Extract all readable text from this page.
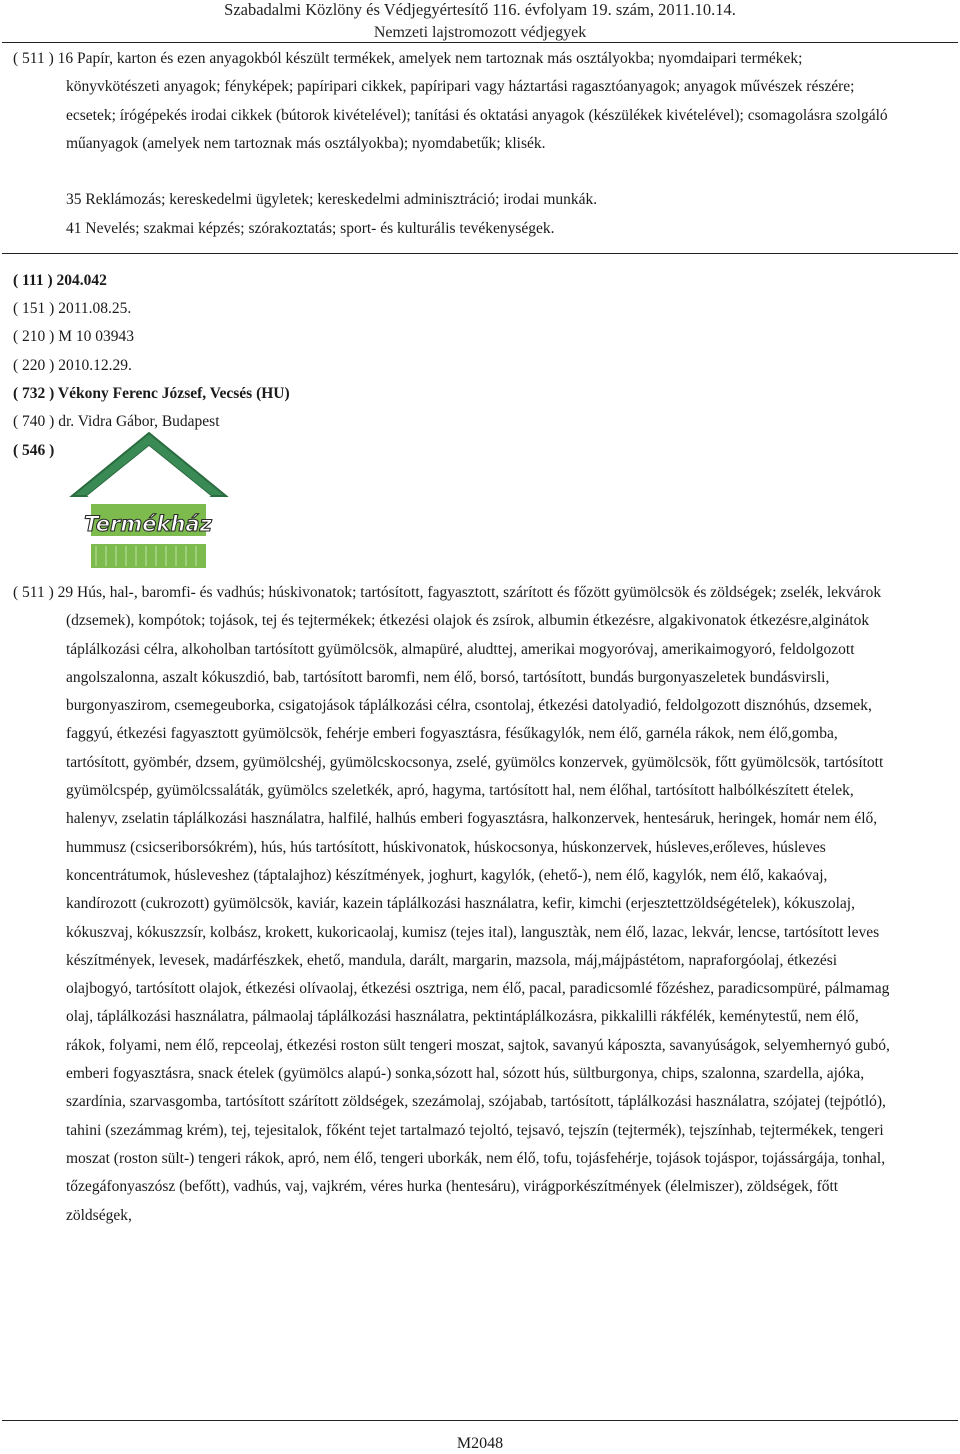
Szabadalmi Közlöny és Védjegyértesítő 116. évfolyam 19. szám, 2011.10.14.
Nemzeti lajstromozott védjegyek
( 511 ) 16 Papír, karton és ezen anyagokból készült termékek, amelyek nem tartoznak más osztályokba; nyomdaipari termékek; könyvkötészeti anyagok; fényképek; papíripari cikkek, papíripari vagy háztartási ragasztóanyagok; anyagok művészek részére; ecsetek; írógépekés irodai cikkek (bútorok kivételével); tanítási és oktatási anyagok (készülékek kivételével); csomagolásra szolgáló műanyagok (amelyek nem tartoznak más osztályokba); nyomdabetűk; klisék.
35 Reklámozás; kereskedelmi ügyletek; kereskedelmi adminisztráció; irodai munkák.
41 Nevelés; szakmai képzés; szórakoztatás; sport- és kulturális tevékenységek.
( 111 ) 204.042
( 151 ) 2011.08.25.
( 210 ) M 10 03943
( 220 ) 2010.12.29.
( 732 ) Vékony Ferenc József, Vecsés (HU)
( 740 ) dr. Vidra Gábor, Budapest
( 546 )
Termékház
( 511 ) 29 Hús, hal-, baromfi- és vadhús; húskivonatok; tartósított, fagyasztott, szárított és főzött gyümölcsök és zöldségek; zselék, lekvárok (dzsemek), kompótok; tojások, tej és tejtermékek; étkezési olajok és zsírok, albumin étkezésre, algakivonatok étkezésre,alginátok táplálkozási célra, alkoholban tartósított gyümölcsök, almapüré, aludttej, amerikai mogyoróvaj, amerikaimogyoró, feldolgozott angolszalonna, aszalt kókuszdió, bab, tartósított baromfi, nem élő, borsó, tartósított, bundás burgonyaszeletek bundásvirsli, burgonyaszirom, csemegeuborka, csigatojások táplálkozási célra, csontolaj, étkezési datolyadió, feldolgozott disznóhús, dzsemek, faggyú, étkezési fagyasztott gyümölcsök, fehérje emberi fogyasztásra, fésűkagylók, nem élő, garnéla rákok, nem élő,gomba, tartósított, gyömbér, dzsem, gyümölcshéj, gyümölcskocsonya, zselé, gyümölcs konzervek, gyümölcsök, főtt gyümölcsök, tartósított gyümölcspép, gyümölcssaláták, gyümölcs szeletkék, apró, hagyma, tartósított hal, nem élőhal, tartósított halbólkészített ételek, halenyv, zselatin táplálkozási használatra, halfilé, halhús emberi fogyasztásra, halkonzervek, hentesáruk, heringek, homár nem élő, hummusz (csicseriborsókrém), hús, hús tartósított, húskivonatok, húskocsonya, húskonzervek, húsleves,erőleves, húsleves koncentrátumok, húsleveshez (táptalajhoz) készítmények, joghurt, kagylók, (ehető-), nem élő, kagylók, nem élő, kakaóvaj, kandírozott (cukrozott) gyümölcsök, kaviár, kazein táplálkozási használatra, kefir, kimchi (erjesztettzöldségételek), kókuszolaj, kókuszvaj, kókuszzsír, kolbász, krokett, kukoricaolaj, kumisz (tejes ital), langusztàk, nem élő, lazac, lekvár, lencse, tartósított leves készítmények, levesek, madárfészkek, ehető, mandula, darált, margarin, mazsola, máj,májpástétom, napraforgóolaj, étkezési olajbogyó, tartósított olajok, étkezési olívaolaj, étkezési osztriga, nem élő, pacal, paradicsomlé főzéshez, paradicsompüré, pálmamag olaj, táplálkozási használatra, pálmaolaj táplálkozási használatra, pektintáplálkozásra, pikkalilli rákfélék, keménytestű, nem élő, rákok, folyami, nem élő, repceolaj, étkezési roston sült tengeri moszat, sajtok, savanyú káposzta, savanyúságok, selyemhernyó gubó, emberi fogyasztásra, snack ételek (gyümölcs alapú-) sonka,sózott hal, sózott hús, sültburgonya, chips, szalonna, szardella, ajóka, szardínia, szarvasgomba, tartósított szárított zöldségek, szezámolaj, szójabab, tartósított, táplálkozási használatra, szójatej (tejpótló), tahini (szezámmag krém), tej, tejesitalok, főként tejet tartalmazó tejoltó, tejsavó, tejszín (tejtermék), tejszínhab, tejtermékek, tengeri moszat (roston sült-) tengeri rákok, apró, nem élő, tengeri uborkák, nem élő, tofu, tojásfehérje, tojások tojáspor, tojássárgája, tonhal, tőzegáfonyaszósz (befőtt), vadhús, vaj, vajkrém, véres hurka (hentesáru), virágporkészítmények (élelmiszer), zöldségek, főtt zöldségek,
M2048
